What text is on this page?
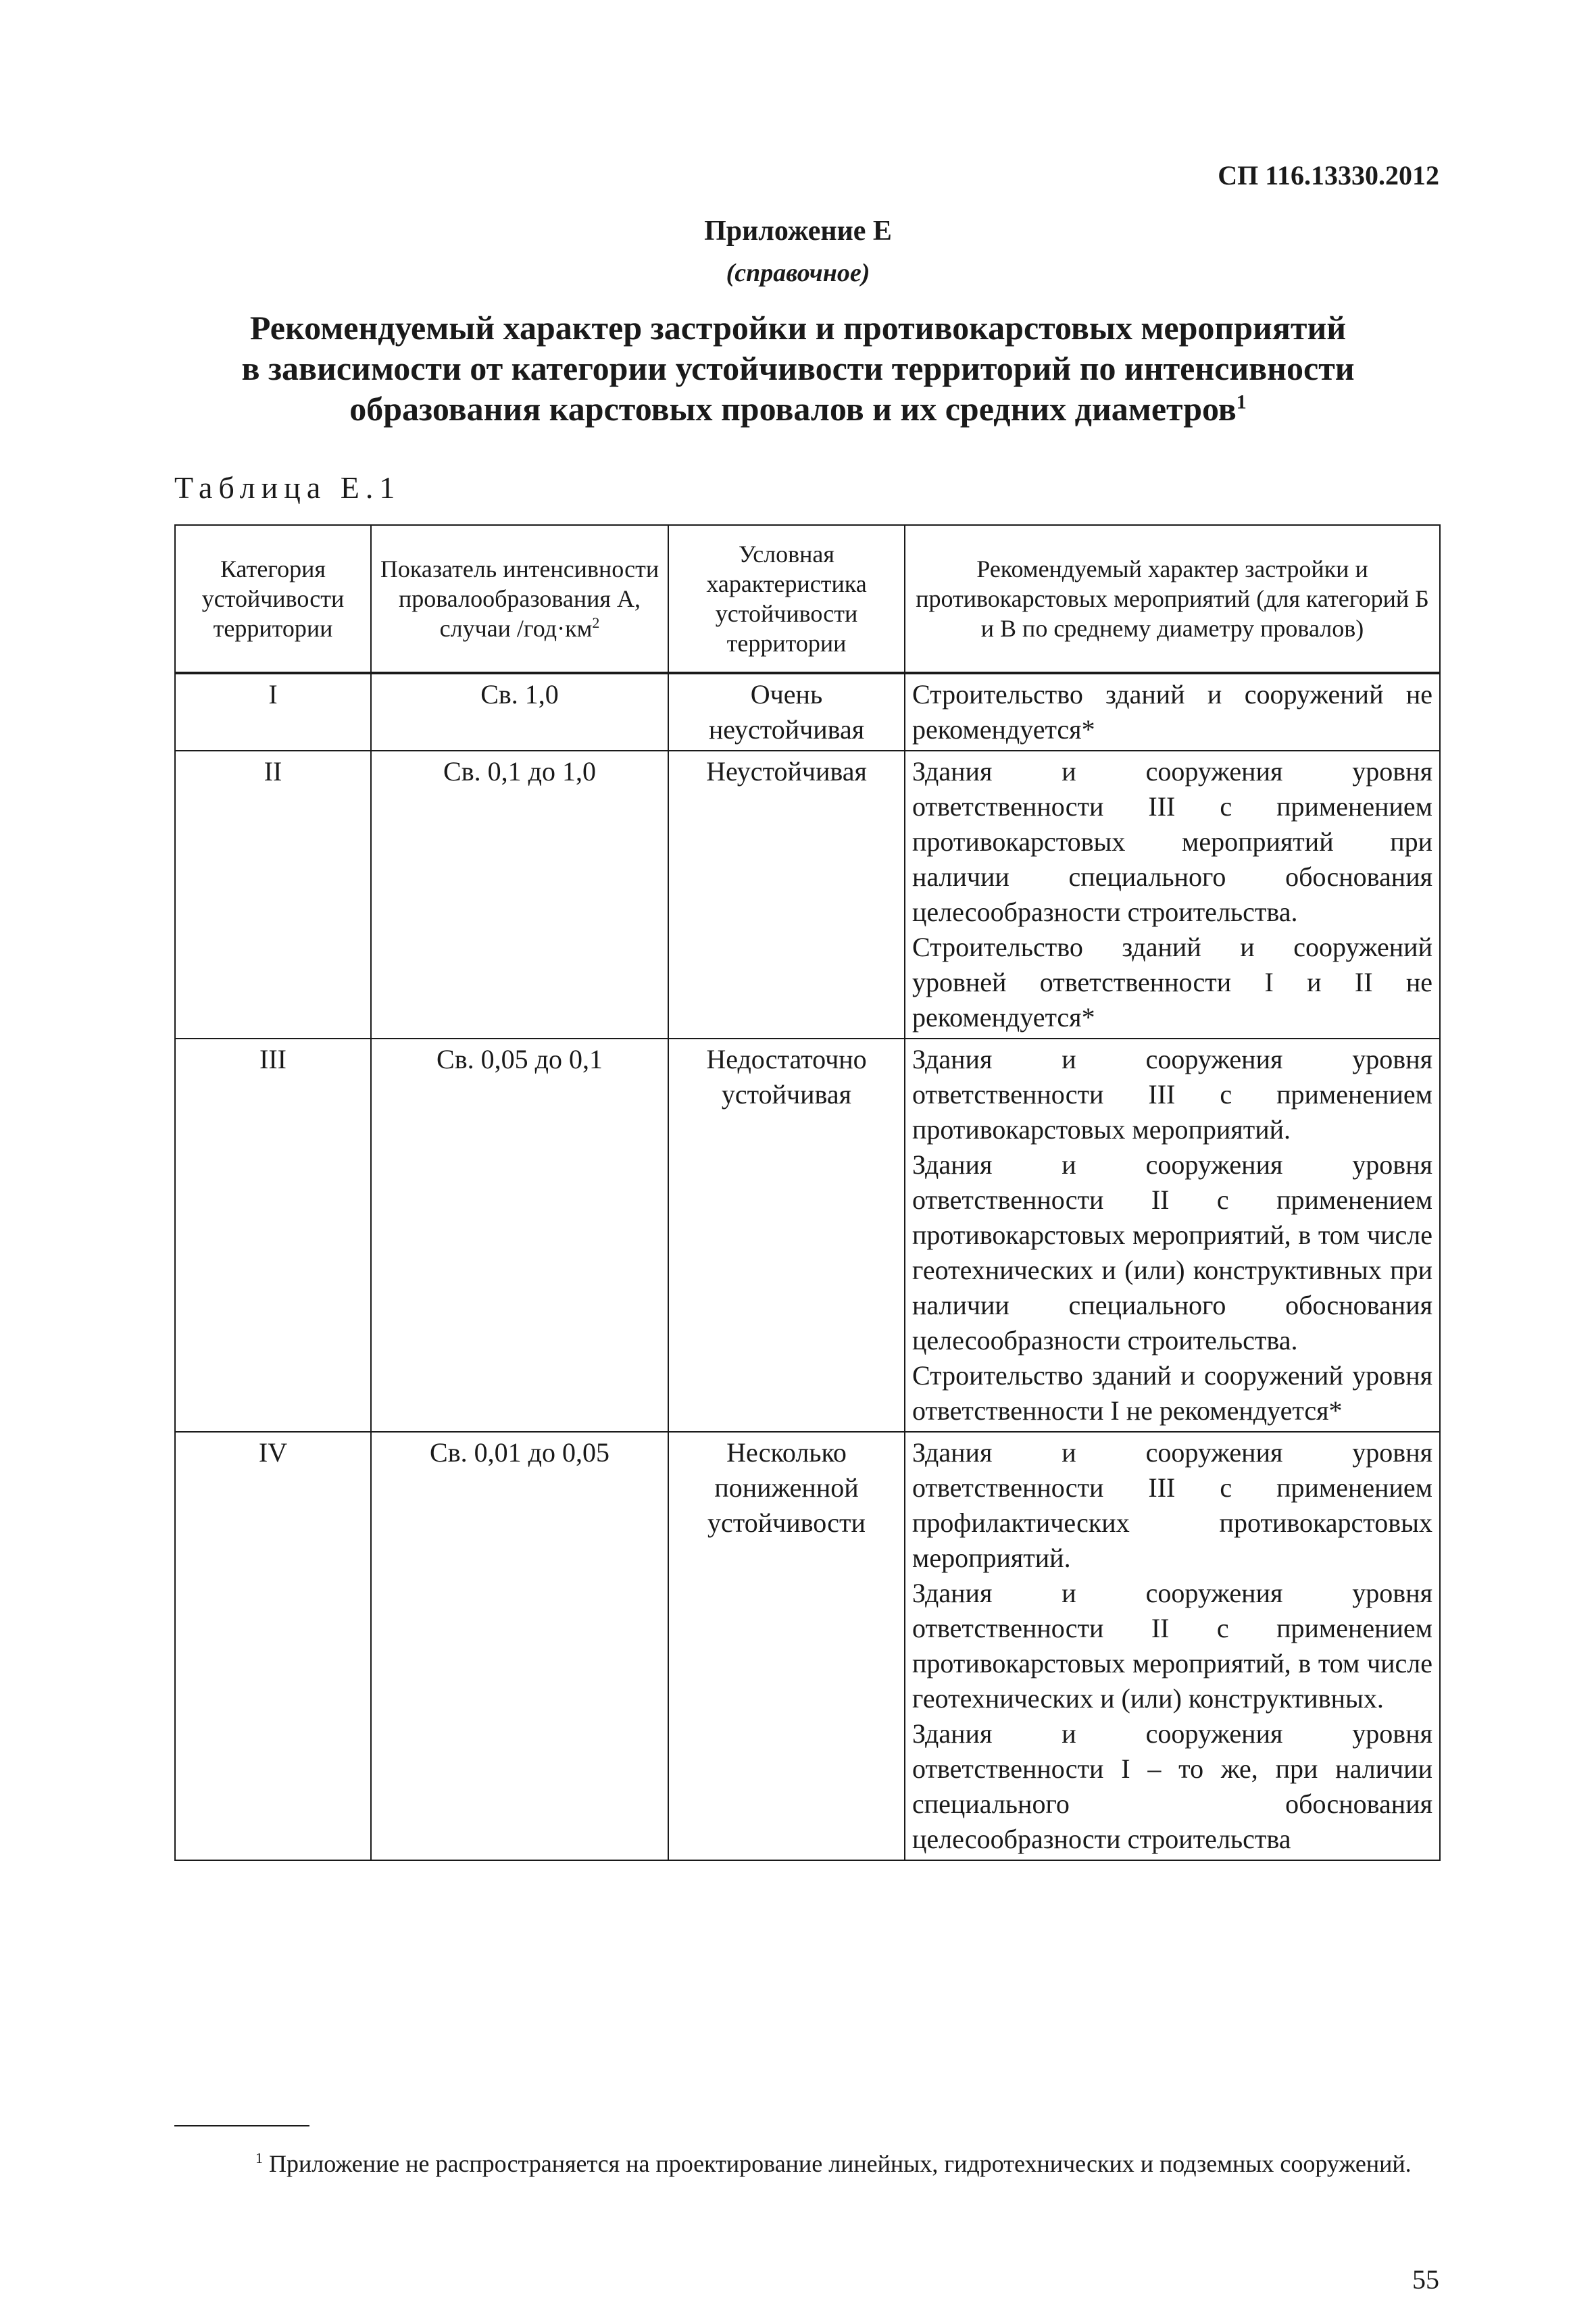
СП 116.13330.2012
Приложение Е
(справочное)
Рекомендуемый характер застройки и противокарстовых мероприятий
в зависимости от категории устойчивости территорий по интенсивности
образования карстовых провалов и их средних диаметров$^1$
Таблица Е.1
Категория устойчивости территории	Показатель интенсивности провалообразования А, случаи $/год\cdot км^2$	Условная характеристика устойчивости территории	Рекомендуемый характер застройки и противокарстовых мероприятий (для категорий Б и В по среднему диаметру провалов)
I	Св. 1,0	Очень неустойчивая	Строительство зданий и сооружений не рекомендуется*

II	Св. 0,1 до 1,0	Неустойчивая	Здания и сооружения уровня ответственности III с применением противокарстовых мероприятий при наличии специального обоснования целесообразности строительства.

Строительство зданий и сооружений уровней ответственности I и II не рекомендуется*

III	Св. 0,05 до 0,1	Недостаточно устойчивая	Здания и сооружения уровня ответственности III с применением противокарстовых мероприятий.

Здания и сооружения уровня ответственности II с применением противокарстовых мероприятий, в том числе геотехнических и (или) конструктивных при наличии специального обоснования целесообразности строительства.

Строительство зданий и сооружений уровня ответственности I не рекомендуется*

IV	Св. 0,01 до 0,05	Несколько пониженной устойчивости	Здания и сооружения уровня ответственности III с применением профилактических противокарстовых мероприятий.

Здания и сооружения уровня ответственности II с применением противокарстовых мероприятий, в том числе геотехнических и (или) конструктивных.

Здания и сооружения уровня ответственности I – то же, при наличии специального обоснования целесообразности строительства

$^1$ Приложение не распространяется на проектирование линейных, гидротехнических и подземных сооружений.
55
